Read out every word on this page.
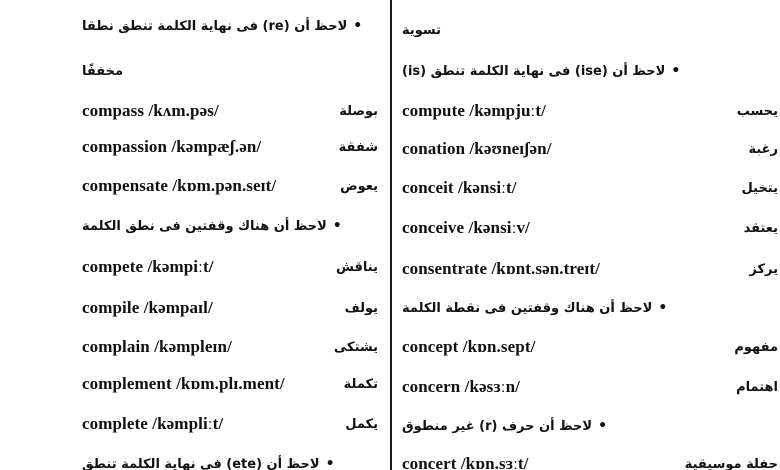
•
لاحظ أن (re) فى نهاية الكلمة تنطق نطقا
مخففًا
compass /kʌm.pəs/	بوصلة
compassion /kəmpæʃ.ən/	شفقة
compensate /kɒm.pən.seɪt/	يعوض
•
لاحظ أن هناك وقفتين فى نطق الكلمة
compete /kəmpiːt/	يناقش
compile /kəmpaɪl/	يولف
complain /kəmpleɪn/	يشتكى
complement /kɒm.plɪ.ment/	تكملة
complete /kəmpliːt/	يكمل
•
لاحظ أن (ete) فى نهاية الكلمة تنطق
تسوية
•
لاحظ أن (ise) فى نهاية الكلمة تنطق (is)
compute /kəmpjuːt/	يحسب
conation /kəʊneɪʃən/	رغبة
conceit /kənsiːt/	يتخيل
conceive /kənsiːv/	يعتقد
consentrate /kɒnt.sən.treɪt/	يركز
•
لاحظ أن هناك وقفتين فى نقطة الكلمة
concept /kɒn.sept/	مفهوم
concern /kəsɜːn/	اهتمام
•
لاحظ أن حرف (r) غير منطوق
concert /kɒn.sɜːt/	حفلة موسيقية
